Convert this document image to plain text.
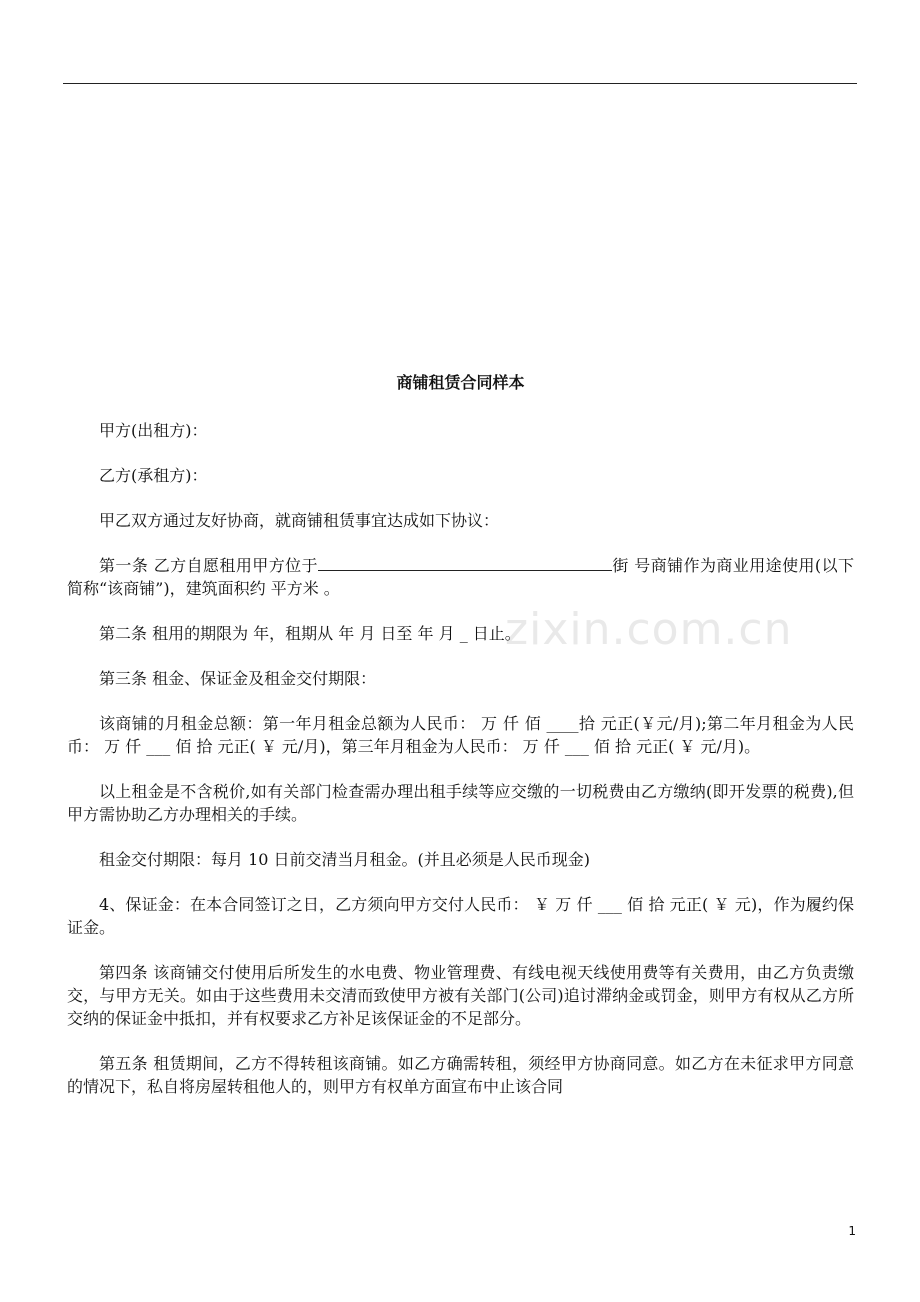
zixin.com.cn
商铺租赁合同样本

甲方(出租方)：

乙方(承租方)：

甲乙双方通过友好协商，就商铺租赁事宜达成如下协议：

第一条 乙方自愿租用甲方位于	街 号商铺作为商业用途使用(以下简称“该商铺”)，建筑面积约 平方米 。

第二条 租用的期限为 年，租期从 年 月 日至 年 月 _ 日止。

第三条 租金、保证金及租金交付期限：

该商铺的月租金总额：第一年月租金总额为人民币： 万 仟 佰 ____拾 元正(￥元/月);第二年月租金为人民币： 万 仟 ___ 佰 拾 元正( ￥ 元/月)，第三年月租金为人民币： 万 仟 ___ 佰 拾 元正( ￥ 元/月)。

以上租金是不含税价,如有关部门检查需办理出租手续等应交缴的一切税费由乙方缴纳(即开发票的税费),但甲方需协助乙方办理相关的手续。

租金交付期限：每月 10 日前交清当月租金。(并且必须是人民币现金)

4、保证金：在本合同签订之日，乙方须向甲方交付人民币： ￥ 万 仟 ___ 佰 拾 元正( ￥ 元)，作为履约保证金。

第四条 该商铺交付使用后所发生的水电费、物业管理费、有线电视天线使用费等有关费用，由乙方负责缴交，与甲方无关。如由于这些费用未交清而致使甲方被有关部门(公司)追讨滞纳金或罚金，则甲方有权从乙方所交纳的保证金中抵扣，并有权要求乙方补足该保证金的不足部分。

第五条 租赁期间，乙方不得转租该商铺。如乙方确需转租，须经甲方协商同意。如乙方在未征求甲方同意的情况下，私自将房屋转租他人的，则甲方有权单方面宣布中止该合同

1
